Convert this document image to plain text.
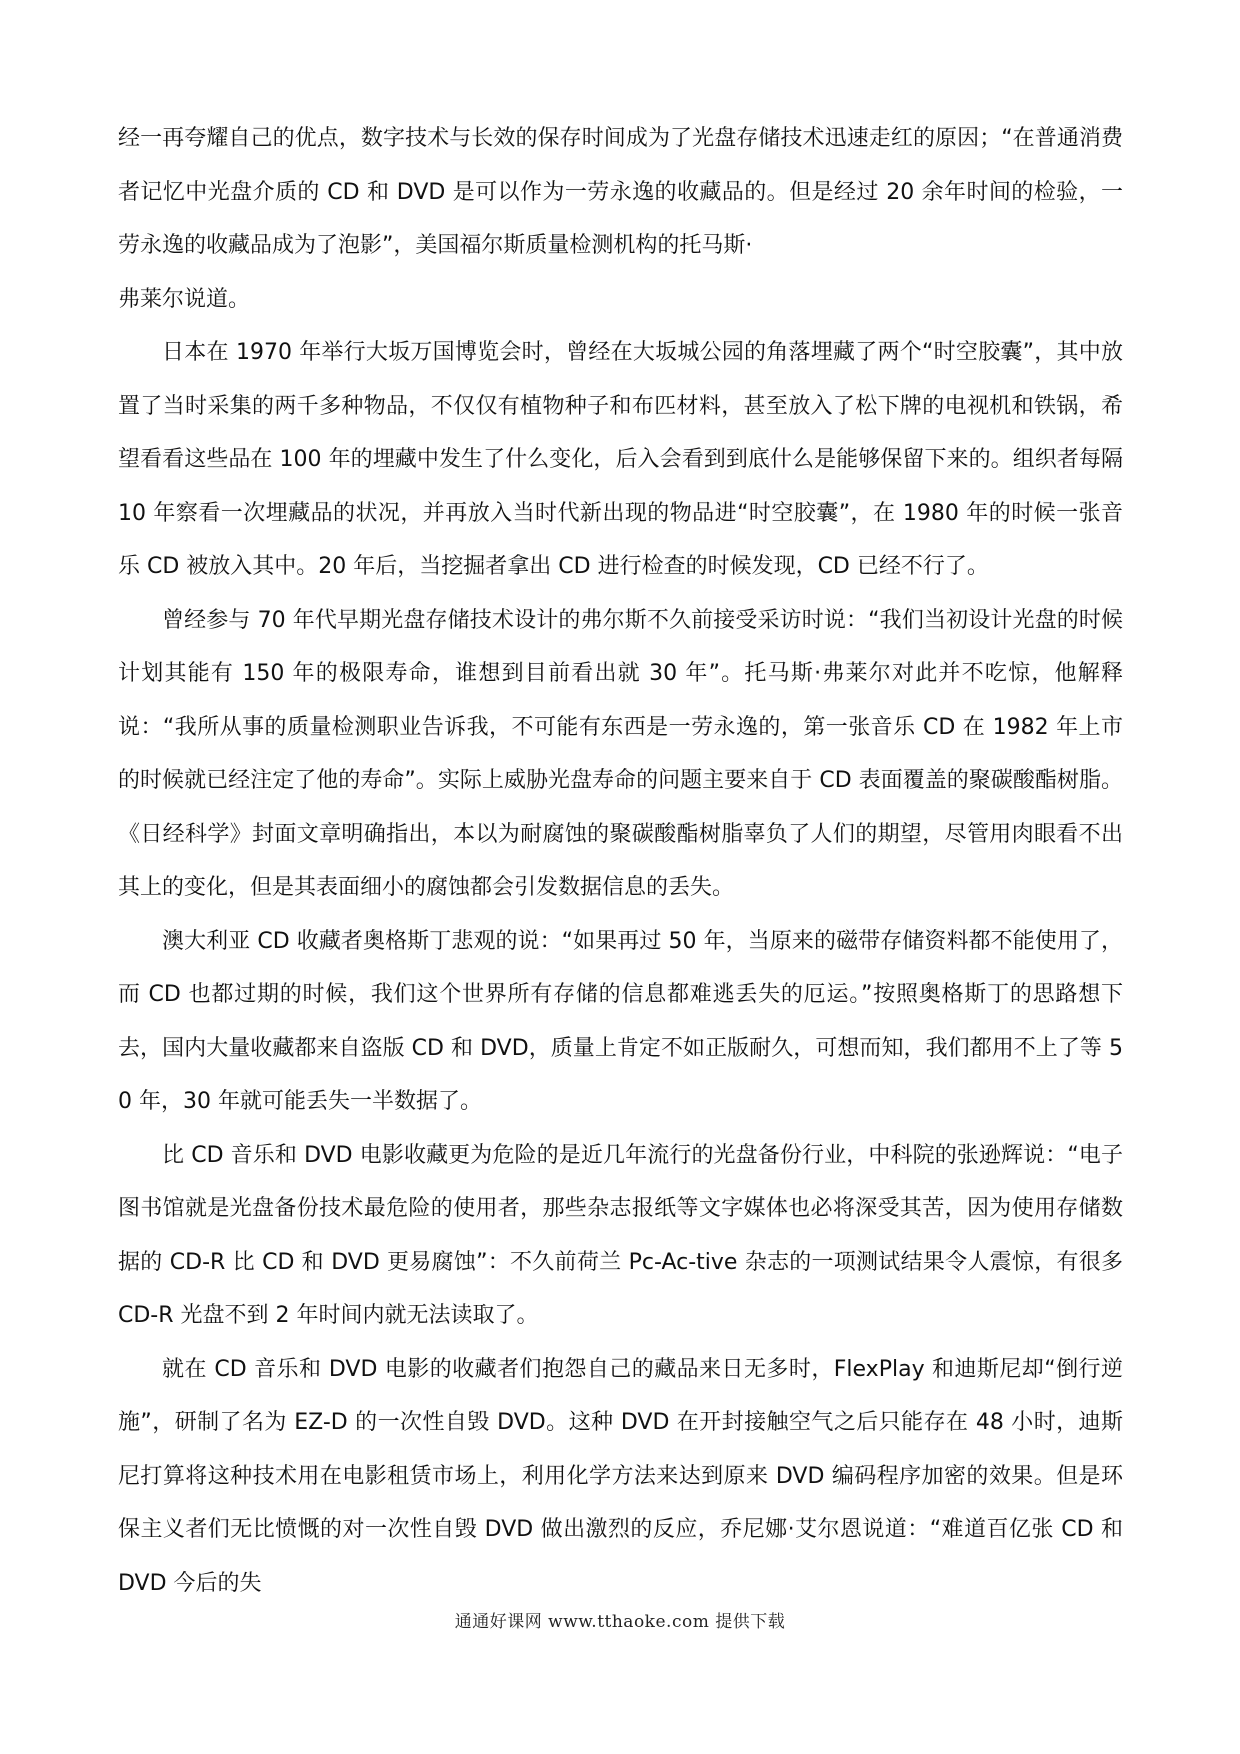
经一再夸耀自己的优点，数字技术与长效的保存时间成为了光盘存储技术迅速走红的原因；“在普通消费者记忆中光盘介质的 CD 和 DVD 是可以作为一劳永逸的收藏品的。但是经过 20 余年时间的检验，一劳永逸的收藏品成为了泡影”，美国福尔斯质量检测机构的托马斯·

弗莱尔说道。

日本在 1970 年举行大坂万国博览会时，曾经在大坂城公园的角落埋藏了两个“时空胶囊”，其中放置了当时采集的两千多种物品，不仅仅有植物种子和布匹材料，甚至放入了松下牌的电视机和铁锅，希望看看这些品在 100 年的埋藏中发生了什么变化，后入会看到到底什么是能够保留下来的。组织者每隔 10 年察看一次埋藏品的状况，并再放入当时代新出现的物品进“时空胶囊”，在 1980 年的时候一张音乐 CD 被放入其中。20 年后，当挖掘者拿出 CD 进行检查的时候发现，CD 已经不行了。

曾经参与 70 年代早期光盘存储技术设计的弗尔斯不久前接受采访时说：“我们当初设计光盘的时候计划其能有 150 年的极限寿命，谁想到目前看出就 30 年”。托马斯·弗莱尔对此并不吃惊，他解释说：“我所从事的质量检测职业告诉我，不可能有东西是一劳永逸的，第一张音乐 CD 在 1982 年上市的时候就已经注定了他的寿命”。实际上威胁光盘寿命的问题主要来自于 CD 表面覆盖的聚碳酸酯树脂。《日经科学》封面文章明确指出，本以为耐腐蚀的聚碳酸酯树脂辜负了人们的期望，尽管用肉眼看不出其上的变化，但是其表面细小的腐蚀都会引发数据信息的丢失。

澳大利亚 CD 收藏者奥格斯丁悲观的说：“如果再过 50 年，当原来的磁带存储资料都不能使用了，而 CD 也都过期的时候，我们这个世界所有存储的信息都难逃丢失的厄运。”按照奥格斯丁的思路想下去，国内大量收藏都来自盗版 CD 和 DVD，质量上肯定不如正版耐久，可想而知，我们都用不上了等 50 年，30 年就可能丢失一半数据了。

比 CD 音乐和 DVD 电影收藏更为危险的是近几年流行的光盘备份行业，中科院的张逊辉说：“电子图书馆就是光盘备份技术最危险的使用者，那些杂志报纸等文字媒体也必将深受其苦，因为使用存储数据的 CD-R 比 CD 和 DVD 更易腐蚀”：不久前荷兰 Pc-Ac-tive 杂志的一项测试结果令人震惊，有很多 CD-R 光盘不到 2 年时间内就无法读取了。

就在 CD 音乐和 DVD 电影的收藏者们抱怨自己的藏品来日无多时，FlexPlay 和迪斯尼却“倒行逆施”，研制了名为 EZ-D 的一次性自毁 DVD。这种 DVD 在开封接触空气之后只能存在 48 小时，迪斯尼打算将这种技术用在电影租赁市场上，利用化学方法来达到原来 DVD 编码程序加密的效果。但是环保主义者们无比愤慨的对一次性自毁 DVD 做出激烈的反应，乔尼娜·艾尔恩说道：“难道百亿张 CD 和 DVD 今后的失

通通好课网 www.tthaoke.com 提供下载
